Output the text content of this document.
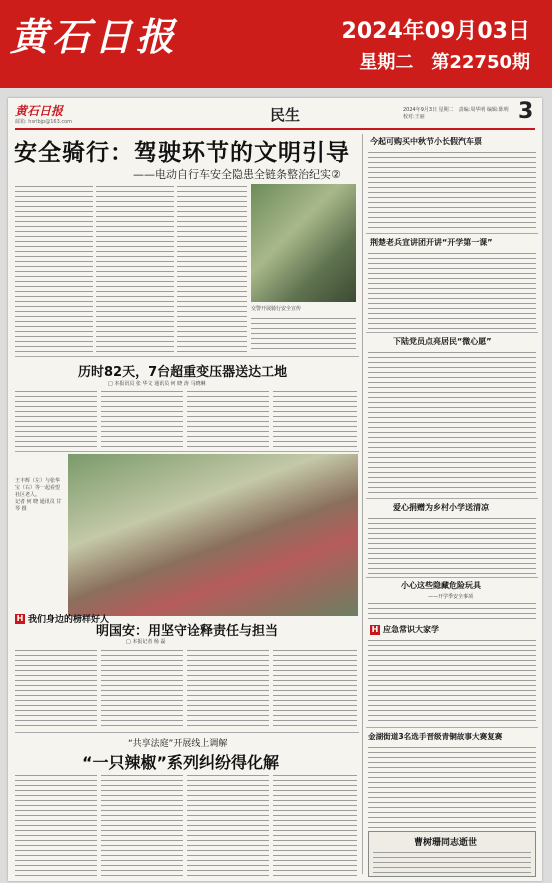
黄石日报	2024年09月03日
星期二　第22750期
黄石日报
邮箱: hsribjp@163.com	民生	2024年9月3日 星期二　责编:周华明 编辑:陈明 校对:王丽	3
安全骑行：驾驶环节的文明引导
——电动自行车安全隐患全链条整治纪实②
交警开展骑行安全宣传
历时82天，7台超重变压器送达工地
□ 本报讯员 张 华文 通讯员 何 晓 涛 马晓琳
王丰辉（左）与张华宝（右）等一起看望社区老人。
记者 何 晓 通讯员 甘 琴 摄
明国安：用坚守诠释责任与担当
□ 本报记者 杨 磊
H 我们身边的榜样好人
“共享法庭”开展线上调解
“一只辣椒”系列纠纷得化解
今起可购买中秋节小长假汽车票
荆楚老兵宣讲团开讲“开学第一课”
下陆党员点亮居民“微心愿”
爱心捐赠为乡村小学送清凉
小心这些隐藏危险玩具
——开学季安全事项
H 应急常识大家学
金湖街道3名选手晋级青铜故事大赛复赛
曹树珊同志逝世
